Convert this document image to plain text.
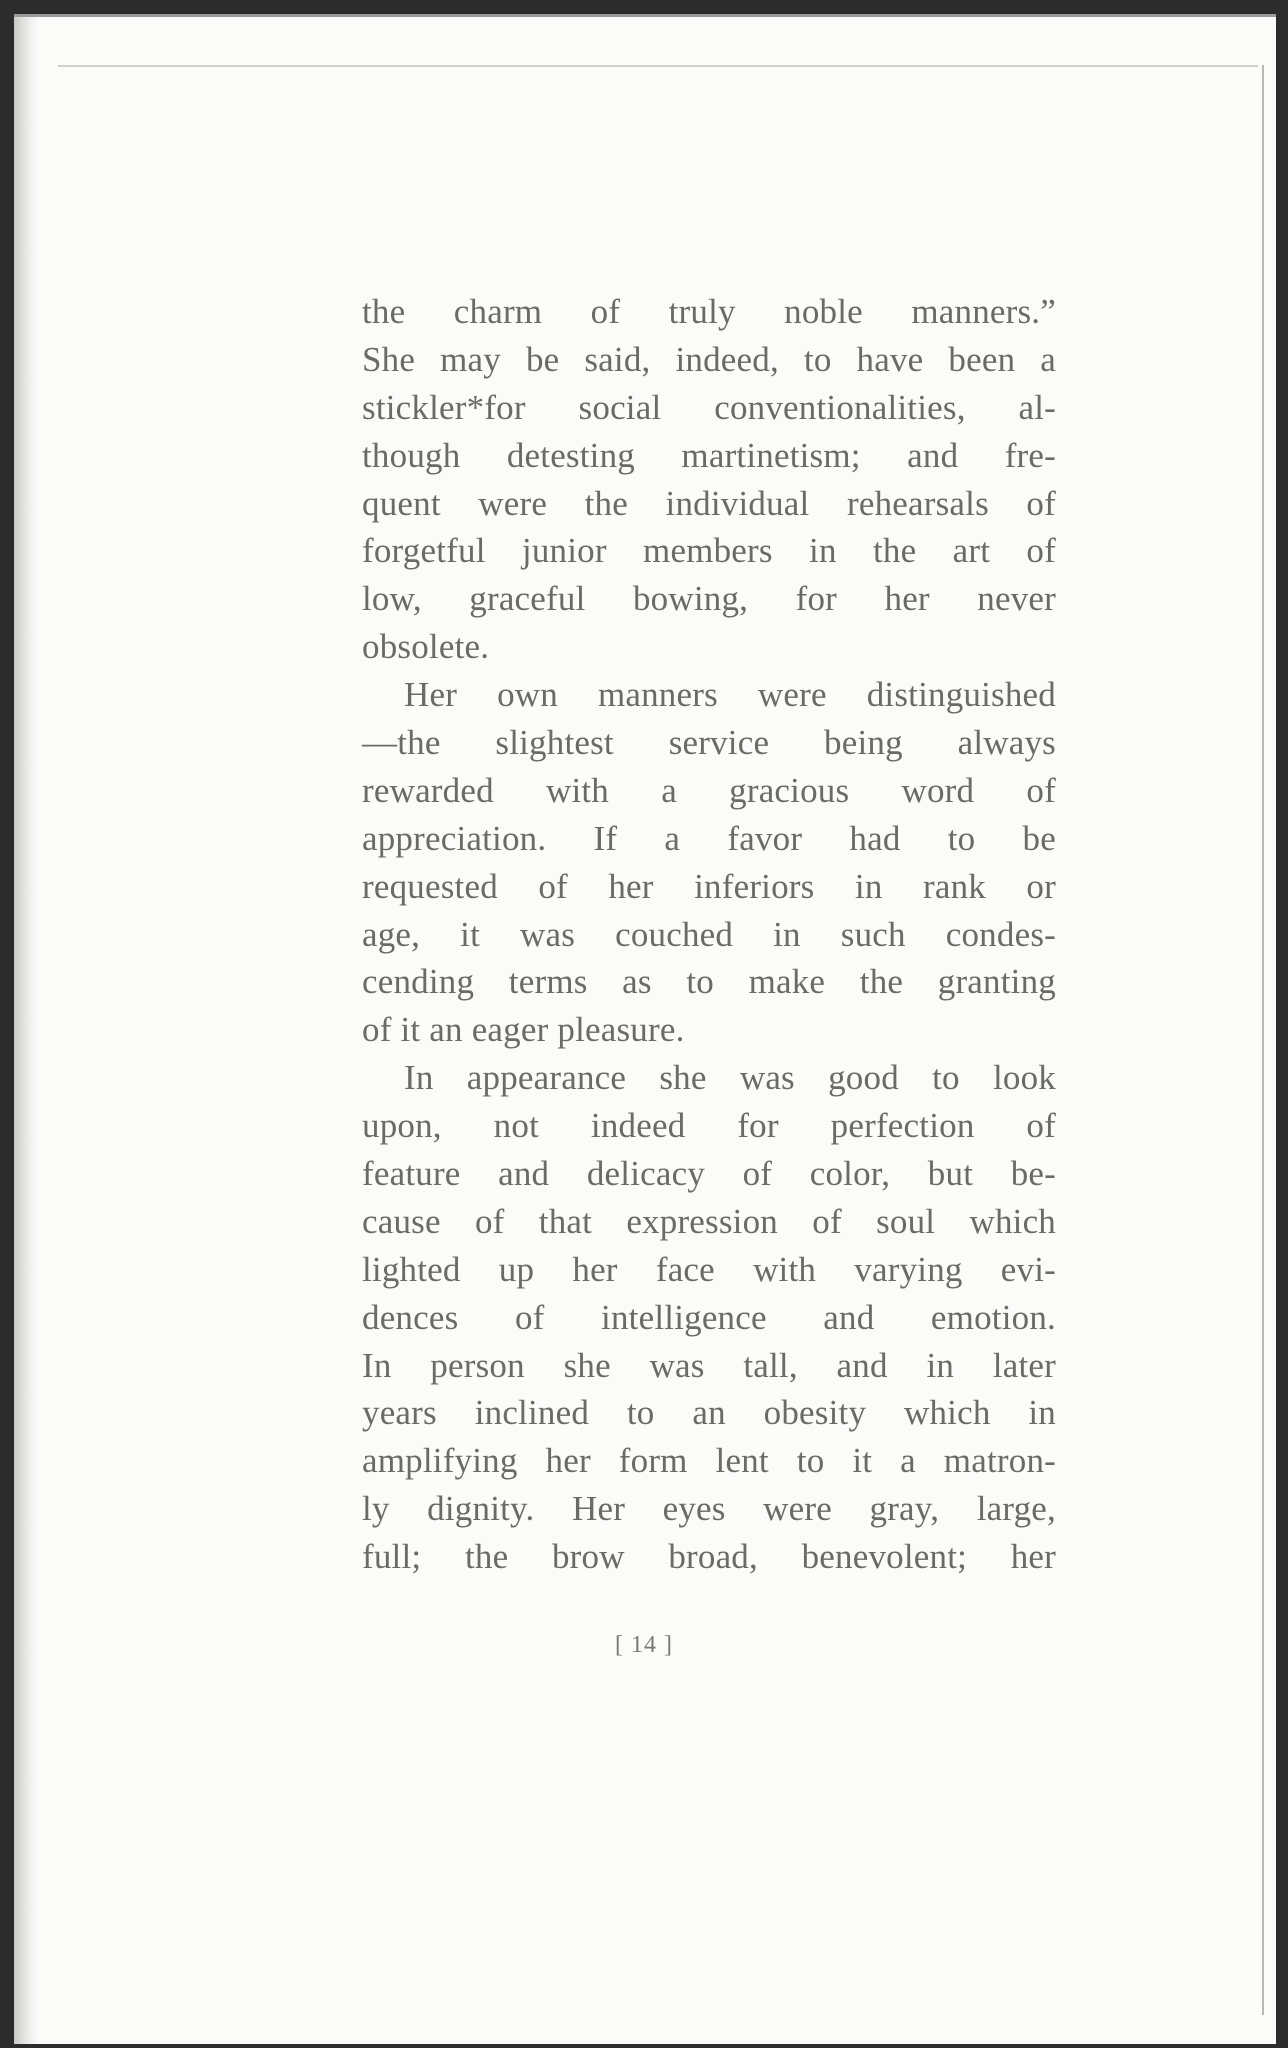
the charm of truly noble manners.”
She may be said, indeed, to have been a
stickler*for social conventionalities, al-
though detesting martinetism; and fre-
quent were the individual rehearsals of
forgetful junior members in the art of
low, graceful bowing, for her never
obsolete.
Her own manners were distinguished
—the slightest service being always
rewarded with a gracious word of
appreciation. If a favor had to be
requested of her inferiors in rank or
age, it was couched in such condes-
cending terms as to make the granting
of it an eager pleasure.
In appearance she was good to look
upon, not indeed for perfection of
feature and delicacy of color, but be-
cause of that expression of soul which
lighted up her face with varying evi-
dences of intelligence and emotion.
In person she was tall, and in later
years inclined to an obesity which in
amplifying her form lent to it a matron-
ly dignity. Her eyes were gray, large,
full; the brow broad, benevolent; her
[ 14 ]
